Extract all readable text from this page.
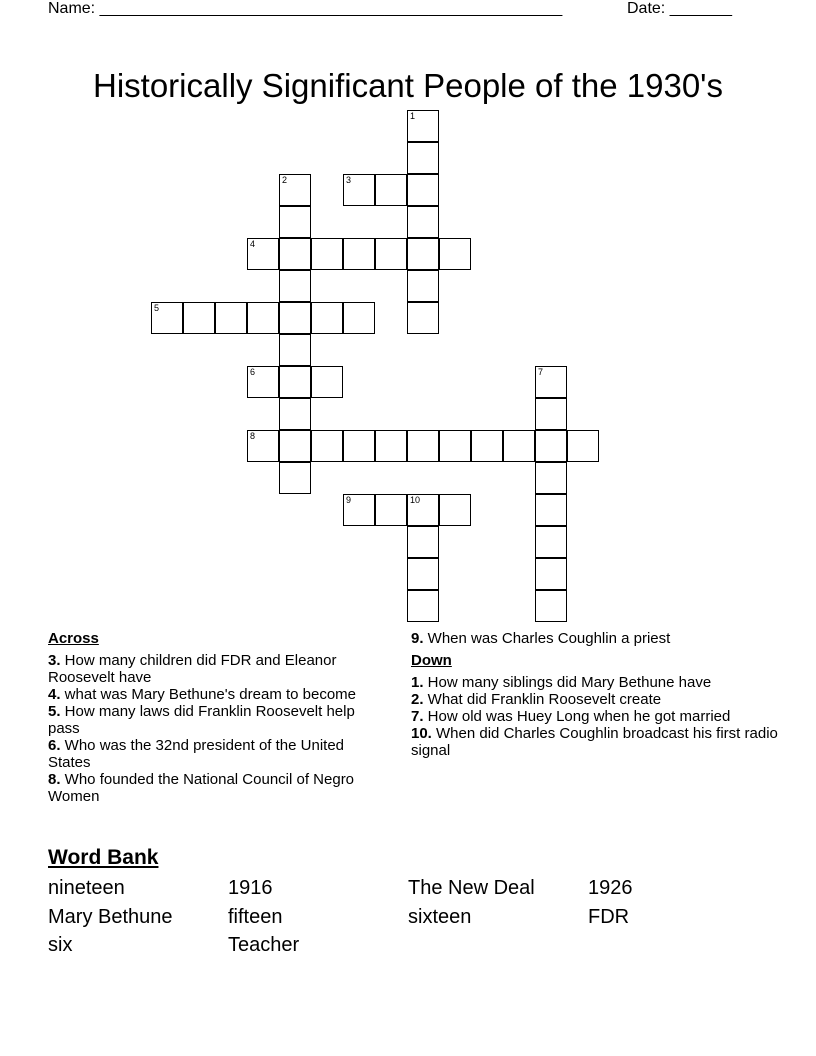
Name: ____________________________________________________	Date: _______
Historically Significant People of the 1930's
1
2	3
4
5
6	7
8
9	10

Across

3. How many children did FDR and Eleanor Roosevelt have

4. what was Mary Bethune's dream to become

5. How many laws did Franklin Roosevelt help pass

6. Who was the 32nd president of the United States

8. Who founded the National Council of Negro Women

9. When was Charles Coughlin a priest

Down

1. How many siblings did Mary Bethune have

2. What did Franklin Roosevelt create

7. How old was Huey Long when he got married

10. When did Charles Coughlin broadcast his first radio signal

Word Bank
nineteen	1916	The New Deal	1926
Mary Bethune	fifteen	sixteen	FDR
six	Teacher
